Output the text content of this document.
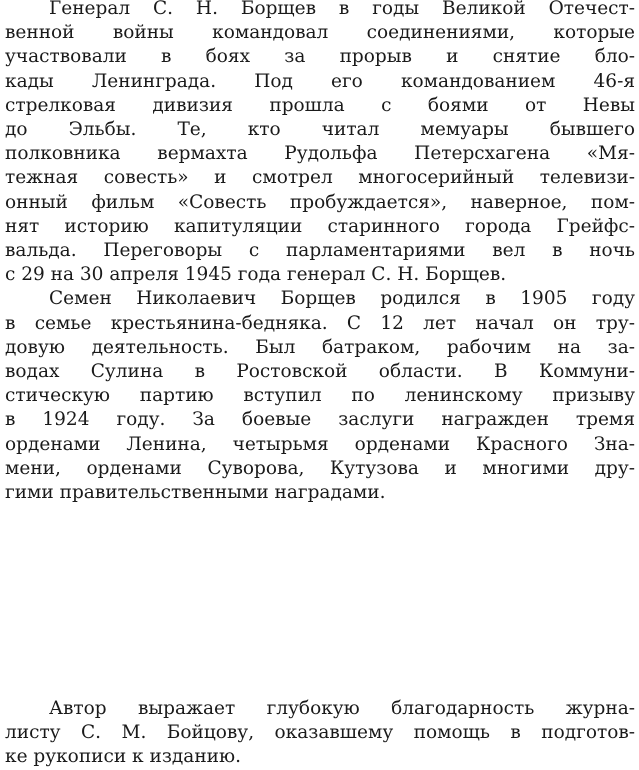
Генерал С. Н. Борщев в годы Великой Отечест-
венной войны командовал соединениями, которые
участвовали в боях за прорыв и снятие бло-
кады Ленинграда. Под его командованием 46-я
стрелковая дивизия прошла с боями от Невы
до Эльбы. Те, кто читал мемуары бывшего
полковника вермахта Рудольфа Петерсхагена «Мя-
тежная совесть» и смотрел многосерийный телевизи-
онный фильм «Совесть пробуждается», наверное, пом-
нят историю капитуляции старинного города Грейфс-
вальда. Переговоры с парламентариями вел в ночь
с 29 на 30 апреля 1945 года генерал С. Н. Борщев.

Семен Николаевич Борщев родился в 1905 году
в семье крестьянина-бедняка. С 12 лет начал он тру-
довую деятельность. Был батраком, рабочим на за-
водах Сулина в Ростовской области. В Коммуни-
стическую партию вступил по ленинскому призыву
в 1924 году. За боевые заслуги награжден тремя
орденами Ленина, четырьмя орденами Красного Зна-
мени, орденами Суворова, Кутузова и многими дру-
гими правительственными наградами.

Автор выражает глубокую благодарность журна-
листу С. М. Бойцову, оказавшему помощь в подготов-
ке рукописи к изданию.
